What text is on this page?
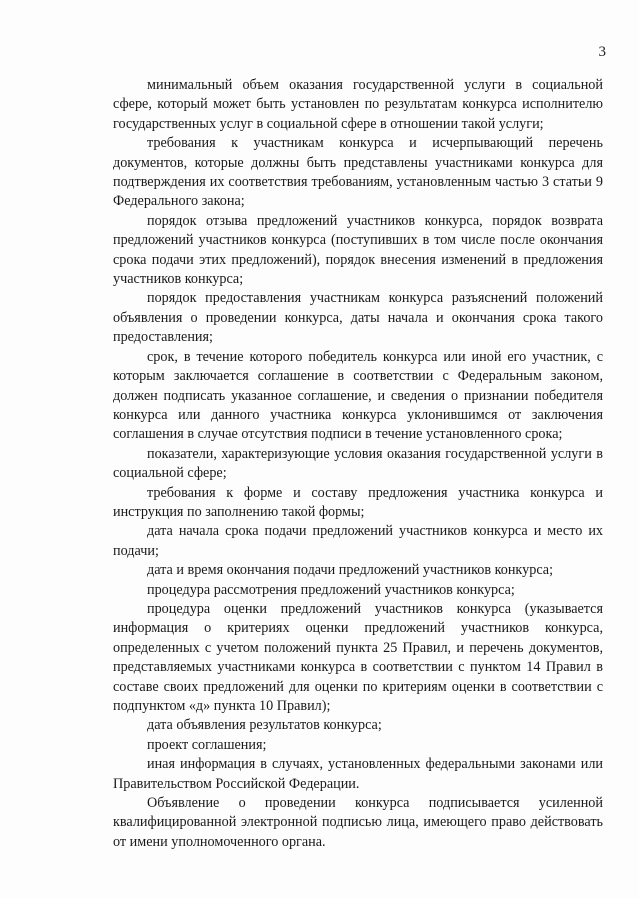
3

минимальный объем оказания государственной услуги в социальной сфере, который может быть установлен по результатам конкурса исполнителю государственных услуг в социальной сфере в отношении такой услуги;

требования к участникам конкурса и исчерпывающий перечень документов, которые должны быть представлены участниками конкурса для подтверждения их соответствия требованиям, установленным частью 3 статьи 9 Федерального закона;

порядок отзыва предложений участников конкурса, порядок возврата предложений участников конкурса (поступивших в том числе после окончания срока подачи этих предложений), порядок внесения изменений в предложения участников конкурса;

порядок предоставления участникам конкурса разъяснений положений объявления о проведении конкурса, даты начала и окончания срока такого предоставления;

срок, в течение которого победитель конкурса или иной его участник, с которым заключается соглашение в соответствии с Федеральным законом, должен подписать указанное соглашение, и сведения о признании победителя конкурса или данного участника конкурса уклонившимся от заключения соглашения в случае отсутствия подписи в течение установленного срока;

показатели, характеризующие условия оказания государственной услуги в социальной сфере;

требования к форме и составу предложения участника конкурса и инструкция по заполнению такой формы;

дата начала срока подачи предложений участников конкурса и место их подачи;

дата и время окончания подачи предложений участников конкурса;

процедура рассмотрения предложений участников конкурса;

процедура оценки предложений участников конкурса (указывается информация о критериях оценки предложений участников конкурса, определенных с учетом положений пункта 25 Правил, и перечень документов, представляемых участниками конкурса в соответствии с пунктом 14 Правил в составе своих предложений для оценки по критериям оценки в соответствии с подпунктом «д» пункта 10 Правил);

дата объявления результатов конкурса;

проект соглашения;

иная информация в случаях, установленных федеральными законами или Правительством Российской Федерации.

Объявление о проведении конкурса подписывается усиленной квалифицированной электронной подписью лица, имеющего право действовать от имени уполномоченного органа.
